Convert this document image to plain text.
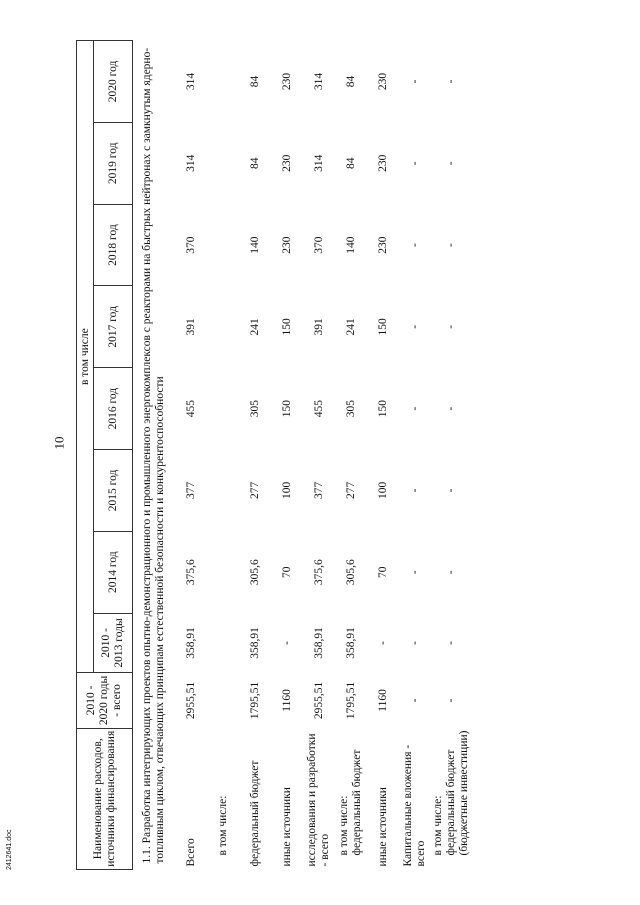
10
2412641.doc	Наименование расходов, источники финансирования	2010 - 2020 годы - всего	в том числе							
		2010 - 2013 годы	2014 год	2015 год	2016 год	2017 год	2018 год	2019 год	2020 год
1.1. Разработка интегрирующих проектов опытно-демонстрационного и промышленного энергокомплексов с реакторами на быстрых нейтронах с замкнутым ядерно-топливным циклом, отвечающих принципам естественной безопасности и конкурентоспособности									
Всего	2955,51	358,91	375,6	377	455	391	370	314	314
в том числе:									
федеральный бюджет	1795,51	358,91	305,6	277	305	241	140	84	84
иные источники	1160	-	70	100	150	150	230	230	230
исследования и разработки - всего	2955,51	358,91	375,6	377	455	391	370	314	314
в том числе: федеральный бюджет	1795,51	358,91	305,6	277	305	241	140	84	84
иные источники	1160	-	70	100	150	150	230	230	230
Капитальные вложения - всего	-	-	-	-	-	-	-	-	-
в том числе: федеральный бюджет (бюджетные инвестиции)	-	-	-	-	-	-	-	-	-
